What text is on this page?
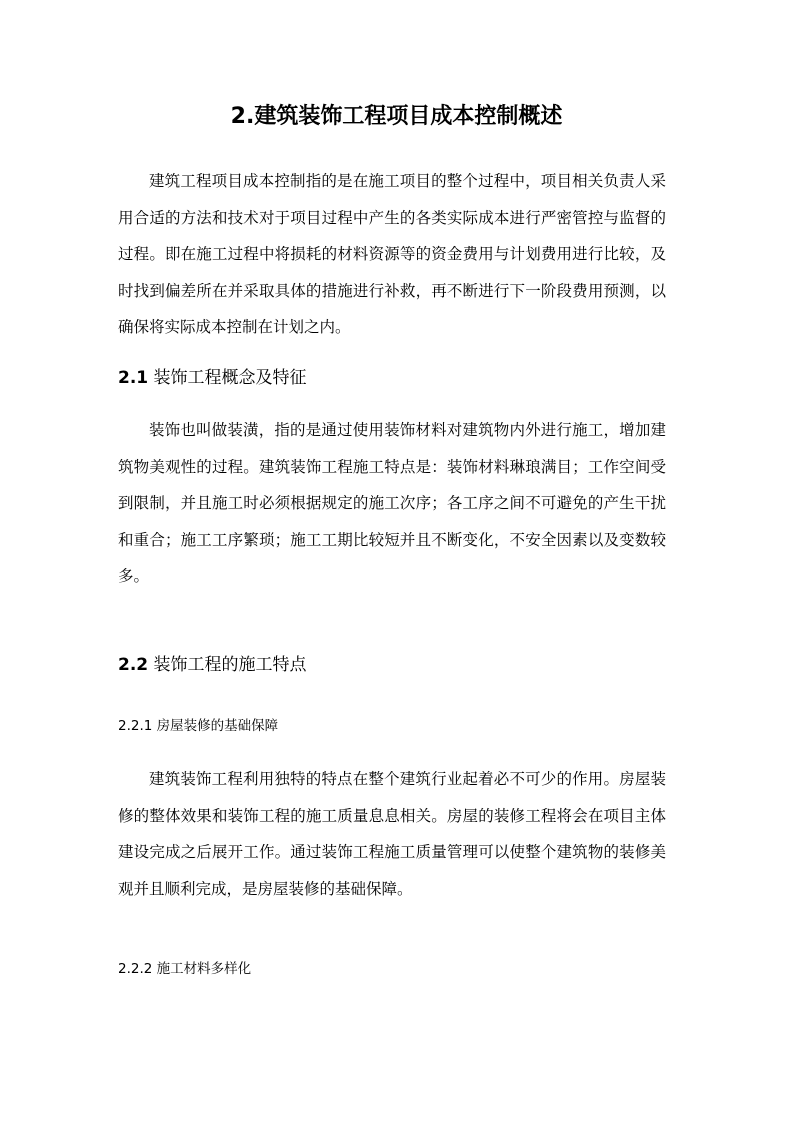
2.建筑装饰工程项目成本控制概述

建筑工程项目成本控制指的是在施工项目的整个过程中，项目相关负责人采用合适的方法和技术对于项目过程中产生的各类实际成本进行严密管控与监督的过程。即在施工过程中将损耗的材料资源等的资金费用与计划费用进行比较，及时找到偏差所在并采取具体的措施进行补救，再不断进行下一阶段费用预测，以确保将实际成本控制在计划之内。

2.1 装饰工程概念及特征

装饰也叫做装潢，指的是通过使用装饰材料对建筑物内外进行施工，增加建筑物美观性的过程。建筑装饰工程施工特点是：装饰材料琳琅满目；工作空间受到限制，并且施工时必须根据规定的施工次序；各工序之间不可避免的产生干扰和重合；施工工序繁琐；施工工期比较短并且不断变化，不安全因素以及变数较多。

2.2 装饰工程的施工特点
2.2.1 房屋装修的基础保障

建筑装饰工程利用独特的特点在整个建筑行业起着必不可少的作用。房屋装修的整体效果和装饰工程的施工质量息息相关。房屋的装修工程将会在项目主体建设完成之后展开工作。通过装饰工程施工质量管理可以使整个建筑物的装修美观并且顺利完成，是房屋装修的基础保障。

2.2.2 施工材料多样化
